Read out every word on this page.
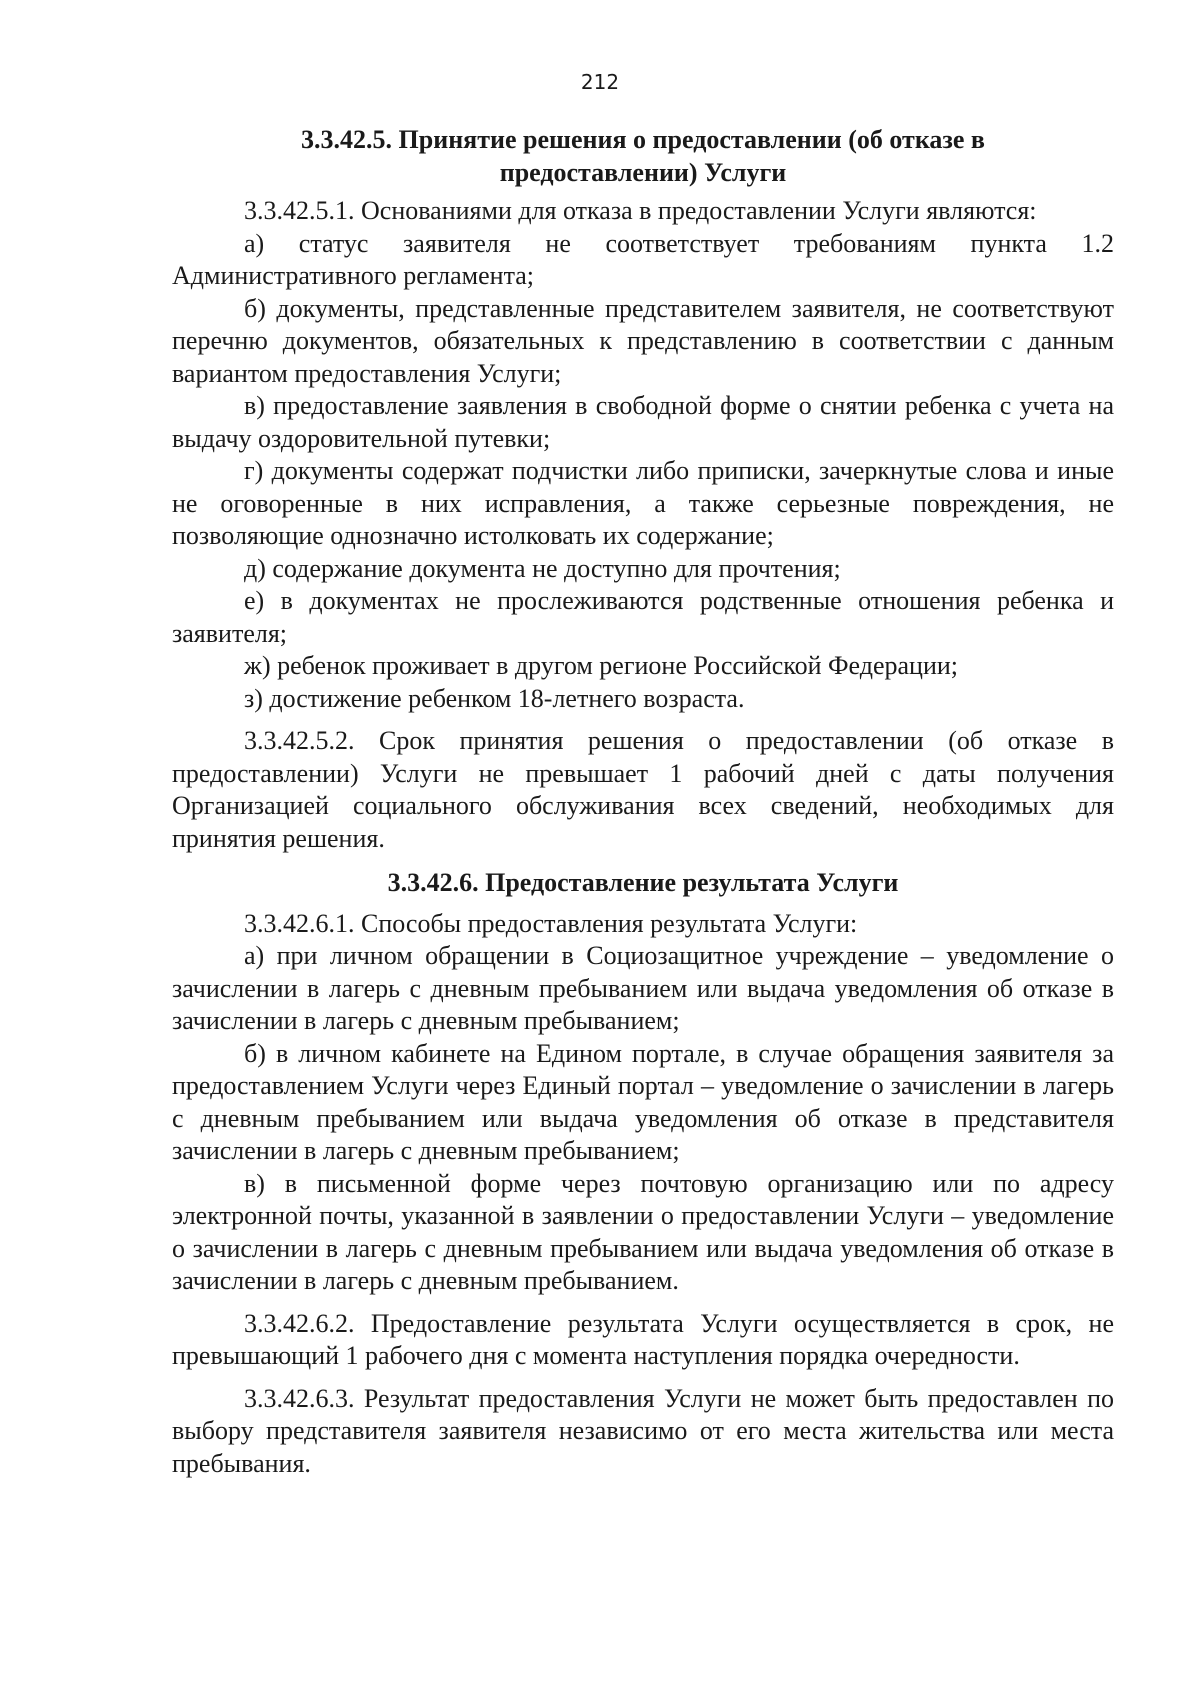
212
3.3.42.5. Принятие решения о предоставлении (об отказе в предоставлении) Услуги

3.3.42.5.1. Основаниями для отказа в предоставлении Услуги являются:

а) статус заявителя не соответствует требованиям пункта 1.2 Административного регламента;

б) документы, представленные представителем заявителя, не соответствуют перечню документов, обязательных к представлению в соответствии с данным вариантом предоставления Услуги;

в) предоставление заявления в свободной форме о снятии ребенка с учета на выдачу оздоровительной путевки;

г) документы содержат подчистки либо приписки, зачеркнутые слова и иные не оговоренные в них исправления, а также серьезные повреждения, не позволяющие однозначно истолковать их содержание;

д) содержание документа не доступно для прочтения;

е) в документах не прослеживаются родственные отношения ребенка и заявителя;

ж) ребенок проживает в другом регионе Российской Федерации;

з) достижение ребенком 18-летнего возраста.

3.3.42.5.2. Срок принятия решения о предоставлении (об отказе в предоставлении) Услуги не превышает 1 рабочий дней с даты получения Организацией социального обслуживания всех сведений, необходимых для принятия решения.

3.3.42.6. Предоставление результата Услуги

3.3.42.6.1. Способы предоставления результата Услуги:

а) при личном обращении в Социозащитное учреждение – уведомление о зачислении в лагерь с дневным пребыванием или выдача уведомления об отказе в зачислении в лагерь с дневным пребыванием;

б) в личном кабинете на Едином портале, в случае обращения заявителя за предоставлением Услуги через Единый портал – уведомление о зачислении в лагерь с дневным пребыванием или выдача уведомления об отказе в представителя зачислении в лагерь с дневным пребыванием;

в) в письменной форме через почтовую организацию или по адресу электронной почты, указанной в заявлении о предоставлении Услуги – уведомление о зачислении в лагерь с дневным пребыванием или выдача уведомления об отказе в зачислении в лагерь с дневным пребыванием.

3.3.42.6.2. Предоставление результата Услуги осуществляется в срок, не превышающий 1 рабочего дня с момента наступления порядка очередности.

3.3.42.6.3. Результат предоставления Услуги не может быть предоставлен по выбору представителя заявителя независимо от его места жительства или места пребывания.
